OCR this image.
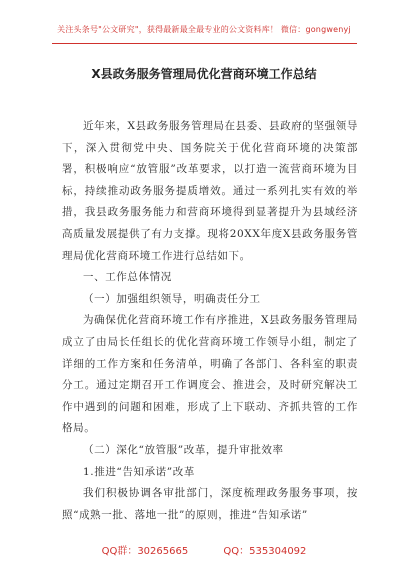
关注头条号"公文研究"，获得最新最全最专业的公文资料库！ 微信：gongwenyj
X县政务服务管理局优化营商环境工作总结

近年来，X县政务服务管理局在县委、县政府的坚强领导下，深入贯彻党中央、国务院关于优化营商环境的决策部署，积极响应“放管服”改革要求，以打造一流营商环境为目标，持续推动政务服务提质增效。通过一系列扎实有效的举措，我县政务服务能力和营商环境得到显著提升为县域经济高质量发展提供了有力支撑。现将20XX年度X县政务服务管理局优化营商环境工作进行总结如下。

一、工作总体情况

（一）加强组织领导，明确责任分工

为确保优化营商环境工作有序推进，X县政务服务管理局成立了由局长任组长的优化营商环境工作领导小组，制定了详细的工作方案和任务清单，明确了各部门、各科室的职责分工。通过定期召开工作调度会、推进会，及时研究解决工作中遇到的问题和困难，形成了上下联动、齐抓共管的工作格局。

（二）深化“放管服”改革，提升审批效率

1.推进“告知承诺”改革

我们积极协调各审批部门，深度梳理政务服务事项，按照“成熟一批、落地一批”的原则，推进“告知承诺”

QQ群：30265665	QQ：535304092
